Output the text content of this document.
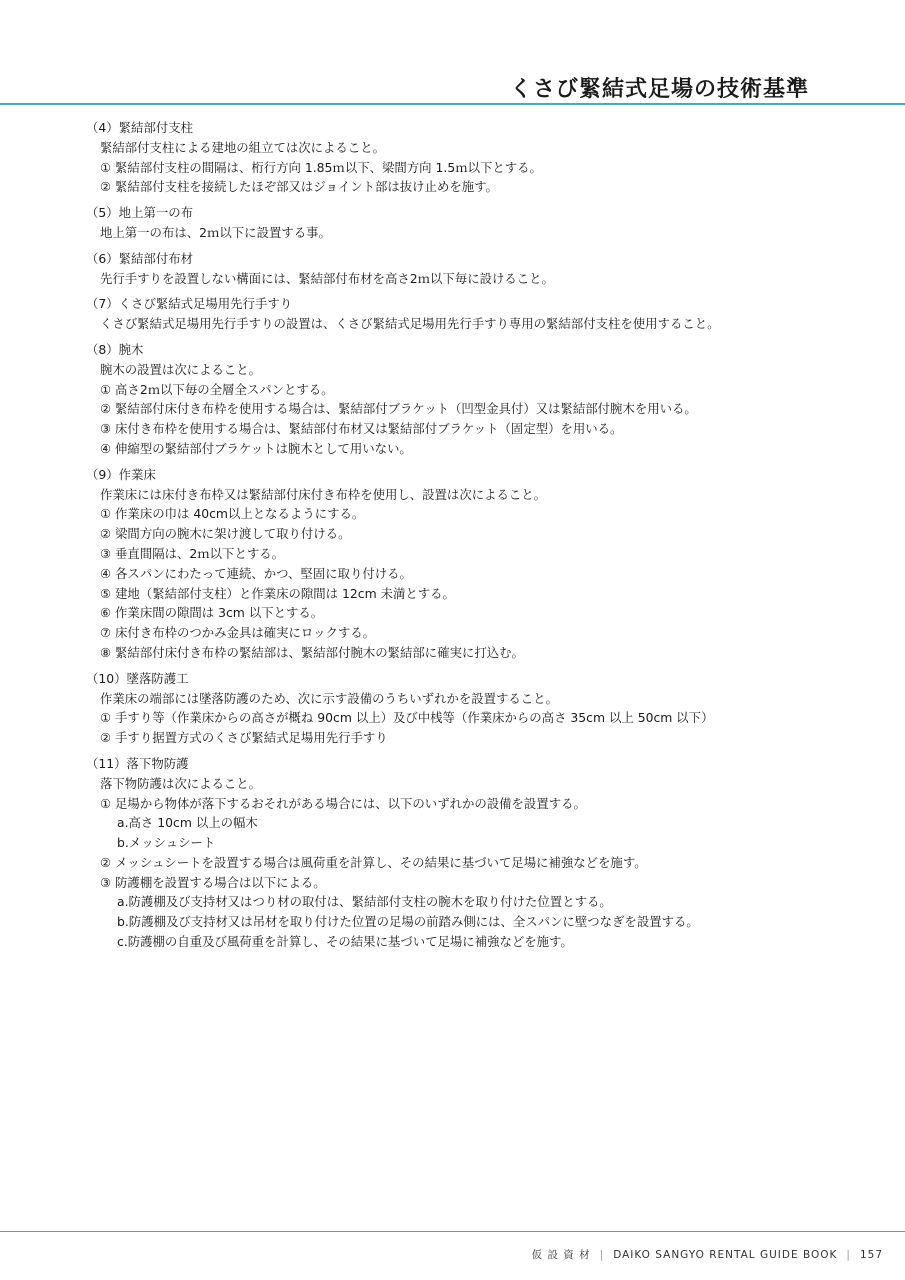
くさび緊結式足場の技術基準
（4）緊結部付支柱
緊結部付支柱による建地の組立ては次によること。
① 緊結部付支柱の間隔は、桁行方向 1.85ｍ以下、梁間方向 1.5ｍ以下とする。
② 緊結部付支柱を接続したほぞ部又はジョイント部は抜け止めを施す。
（5）地上第一の布
地上第一の布は、2ｍ以下に設置する事。
（6）緊結部付布材
先行手すりを設置しない構面には、緊結部付布材を高さ2ｍ以下毎に設けること。
（7）くさび緊結式足場用先行手すり
くさび緊結式足場用先行手すりの設置は、くさび緊結式足場用先行手すり専用の緊結部付支柱を使用すること。
（8）腕木
腕木の設置は次によること。
① 高さ2ｍ以下毎の全層全スパンとする。
② 緊結部付床付き布枠を使用する場合は、緊結部付ブラケット（凹型金具付）又は緊結部付腕木を用いる。
③ 床付き布枠を使用する場合は、緊結部付布材又は緊結部付ブラケット（固定型）を用いる。
④ 伸縮型の緊結部付ブラケットは腕木として用いない。
（9）作業床
作業床には床付き布枠又は緊結部付床付き布枠を使用し、設置は次によること。
① 作業床の巾は 40cm以上となるようにする。
② 梁間方向の腕木に架け渡して取り付ける。
③ 垂直間隔は、2ｍ以下とする。
④ 各スパンにわたって連続、かつ、堅固に取り付ける。
⑤ 建地（緊結部付支柱）と作業床の隙間は 12cm 未満とする。
⑥ 作業床間の隙間は 3cm 以下とする。
⑦ 床付き布枠のつかみ金具は確実にロックする。
⑧ 緊結部付床付き布枠の緊結部は、緊結部付腕木の緊結部に確実に打込む。
（10）墜落防護工
作業床の端部には墜落防護のため、次に示す設備のうちいずれかを設置すること。
① 手すり等（作業床からの高さが概ね 90cm 以上）及び中桟等（作業床からの高さ 35cm 以上 50cm 以下）
② 手すり据置方式のくさび緊結式足場用先行手すり
（11）落下物防護
落下物防護は次によること。
① 足場から物体が落下するおそれがある場合には、以下のいずれかの設備を設置する。
a.高さ 10cm 以上の幅木
b.メッシュシート
② メッシュシートを設置する場合は風荷重を計算し、その結果に基づいて足場に補強などを施す。
③ 防護棚を設置する場合は以下による。
a.防護棚及び支持材又はつり材の取付は、緊結部付支柱の腕木を取り付けた位置とする。
b.防護棚及び支持材又は吊材を取り付けた位置の足場の前踏み側には、全スパンに壁つなぎを設置する。
c.防護棚の自重及び風荷重を計算し、その結果に基づいて足場に補強などを施す。
仮 設 資 材 | DAIKO SANGYO RENTAL GUIDE BOOK | 157
